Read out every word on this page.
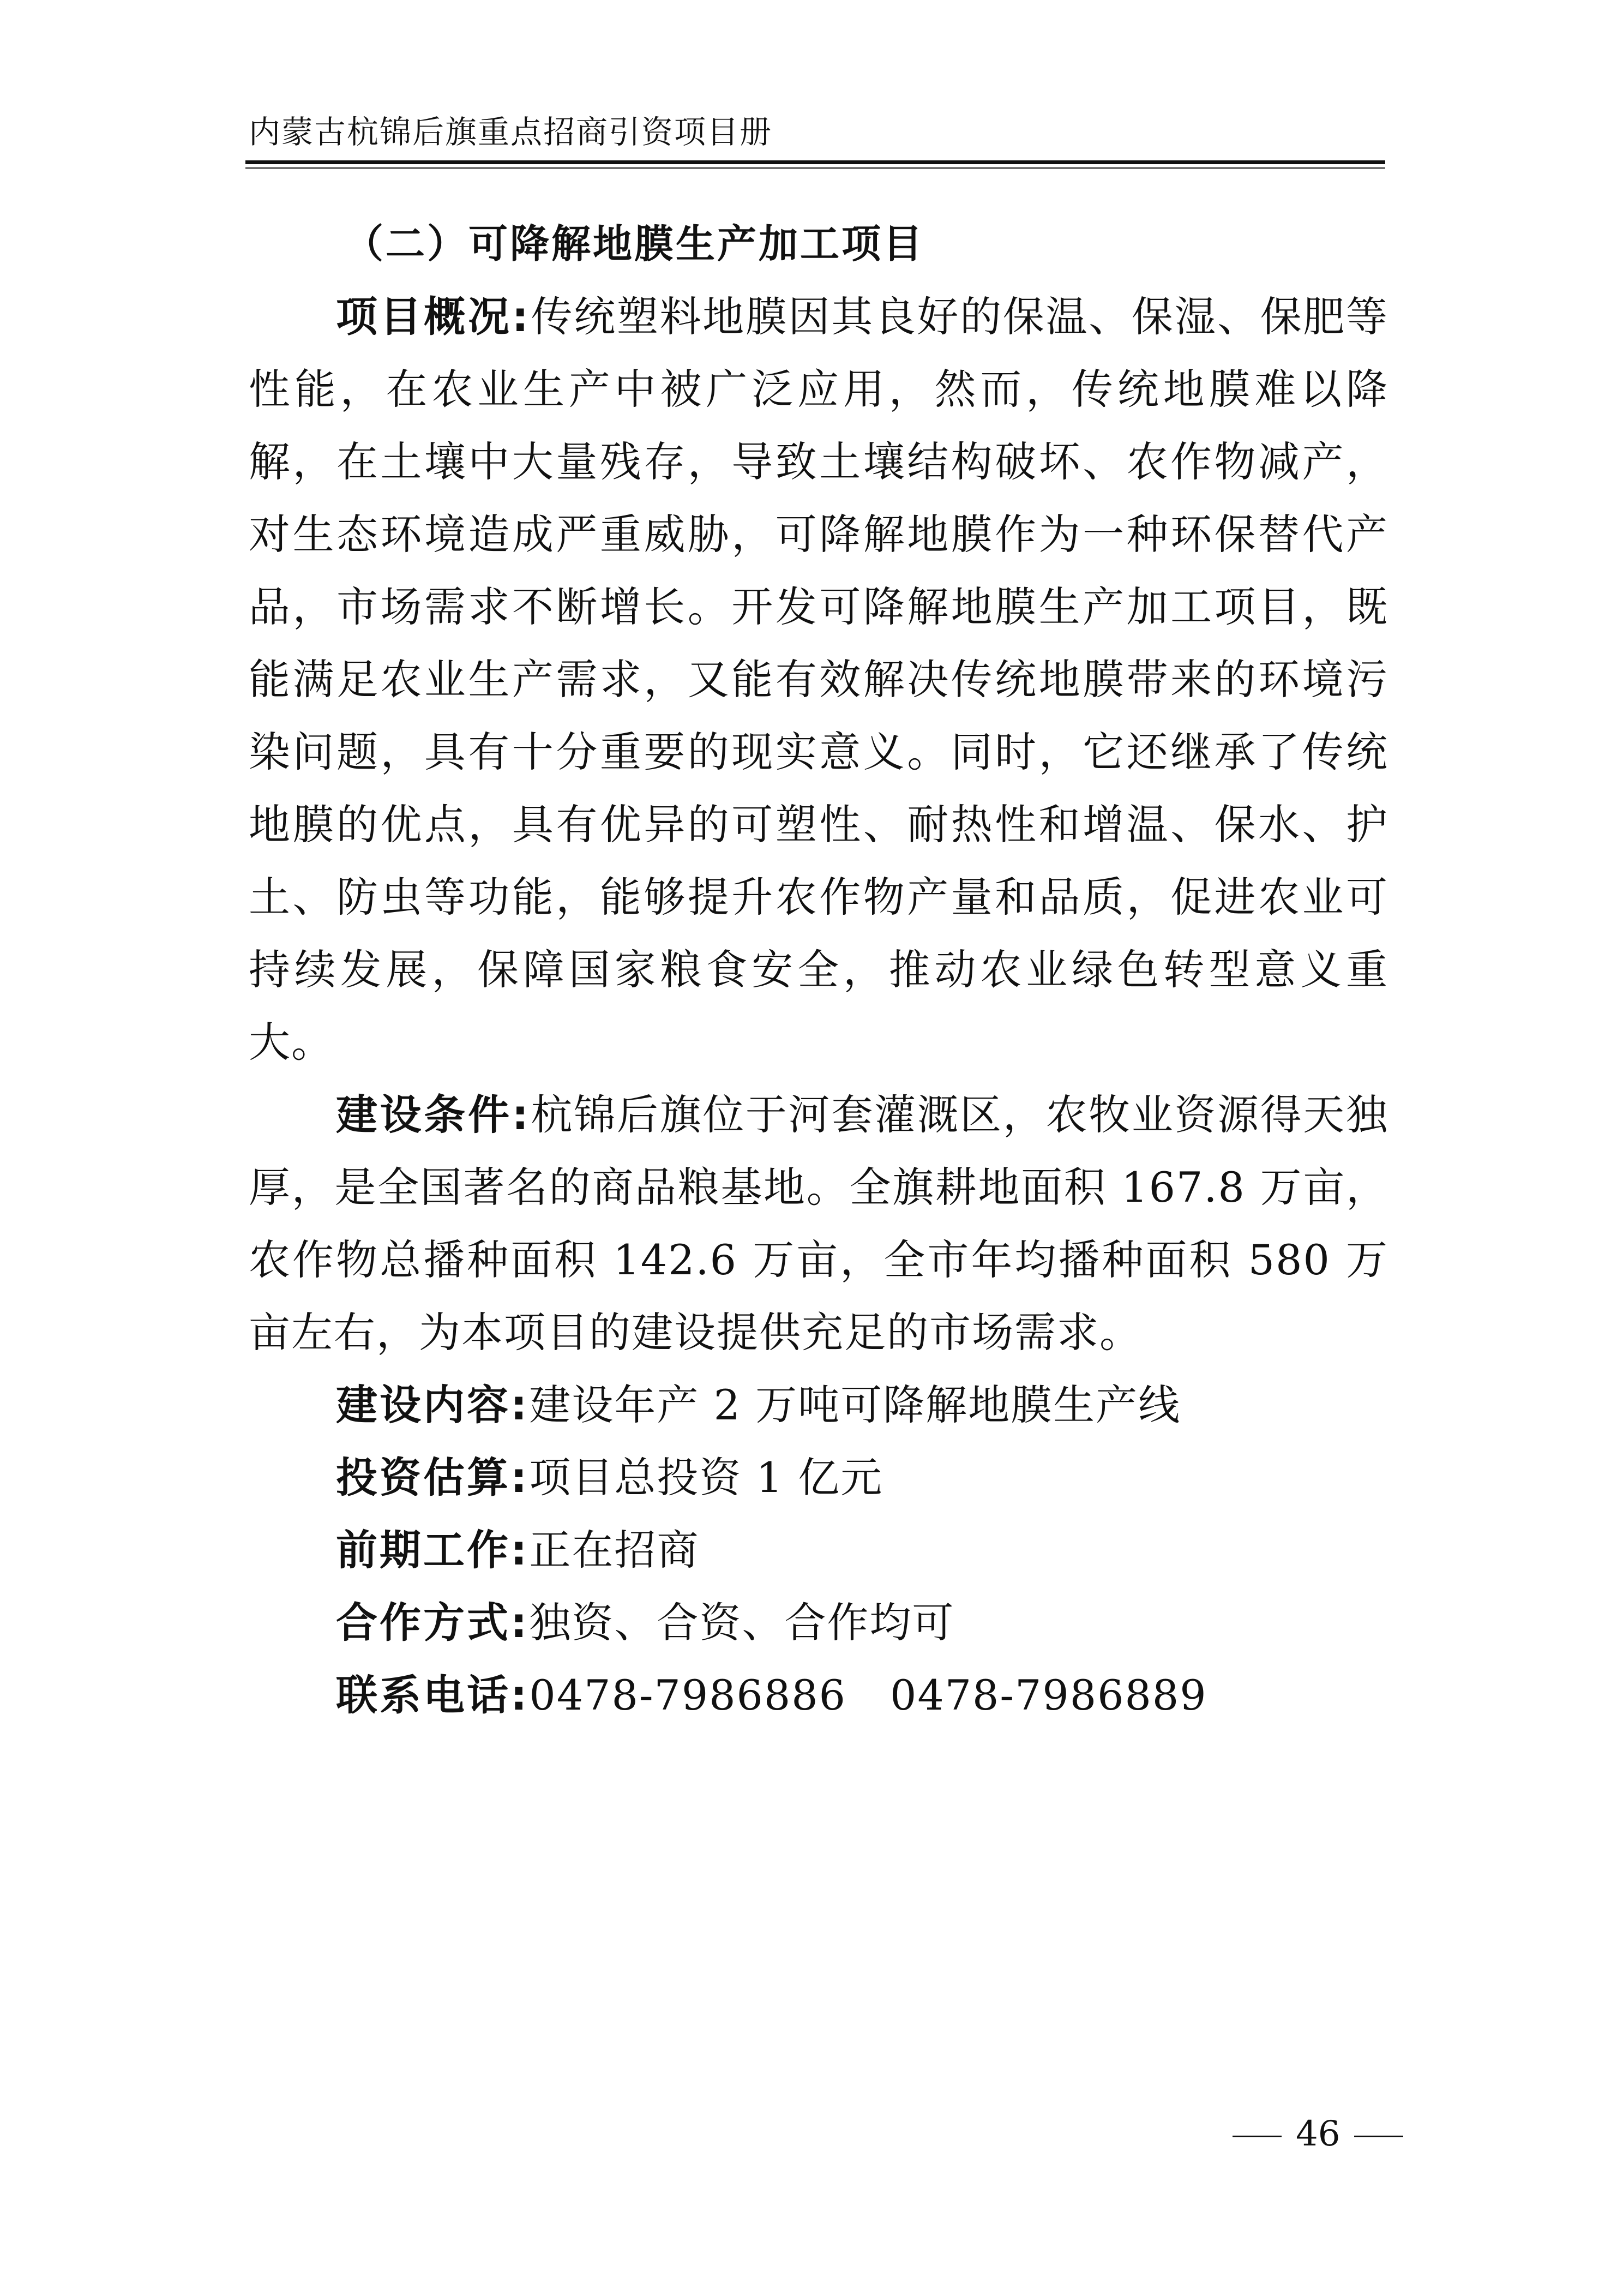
内蒙古杭锦后旗重点招商引资项目册
（二）可降解地膜生产加工项目

项目概况:传统塑料地膜因其良好的保温、保湿、保肥等性能，在农业生产中被广泛应用，然而，传统地膜难以降解，在土壤中大量残存，导致土壤结构破坏、农作物减产，对生态环境造成严重威胁，可降解地膜作为一种环保替代产品，市场需求不断增长。开发可降解地膜生产加工项目，既能满足农业生产需求，又能有效解决传统地膜带来的环境污染问题，具有十分重要的现实意义。同时，它还继承了传统地膜的优点，具有优异的可塑性、耐热性和增温、保水、护土、防虫等功能，能够提升农作物产量和品质，促进农业可持续发展，保障国家粮食安全，推动农业绿色转型意义重大。

建设条件:杭锦后旗位于河套灌溉区，农牧业资源得天独厚，是全国著名的商品粮基地。全旗耕地面积 167.8 万亩，农作物总播种面积 142.6 万亩，全市年均播种面积 580 万亩左右，为本项目的建设提供充足的市场需求。

建设内容:建设年产 2 万吨可降解地膜生产线

投资估算:项目总投资 1 亿元

前期工作:正在招商

合作方式:独资、合资、合作均可

联系电话:0478-7986886 0478-7986889

46
